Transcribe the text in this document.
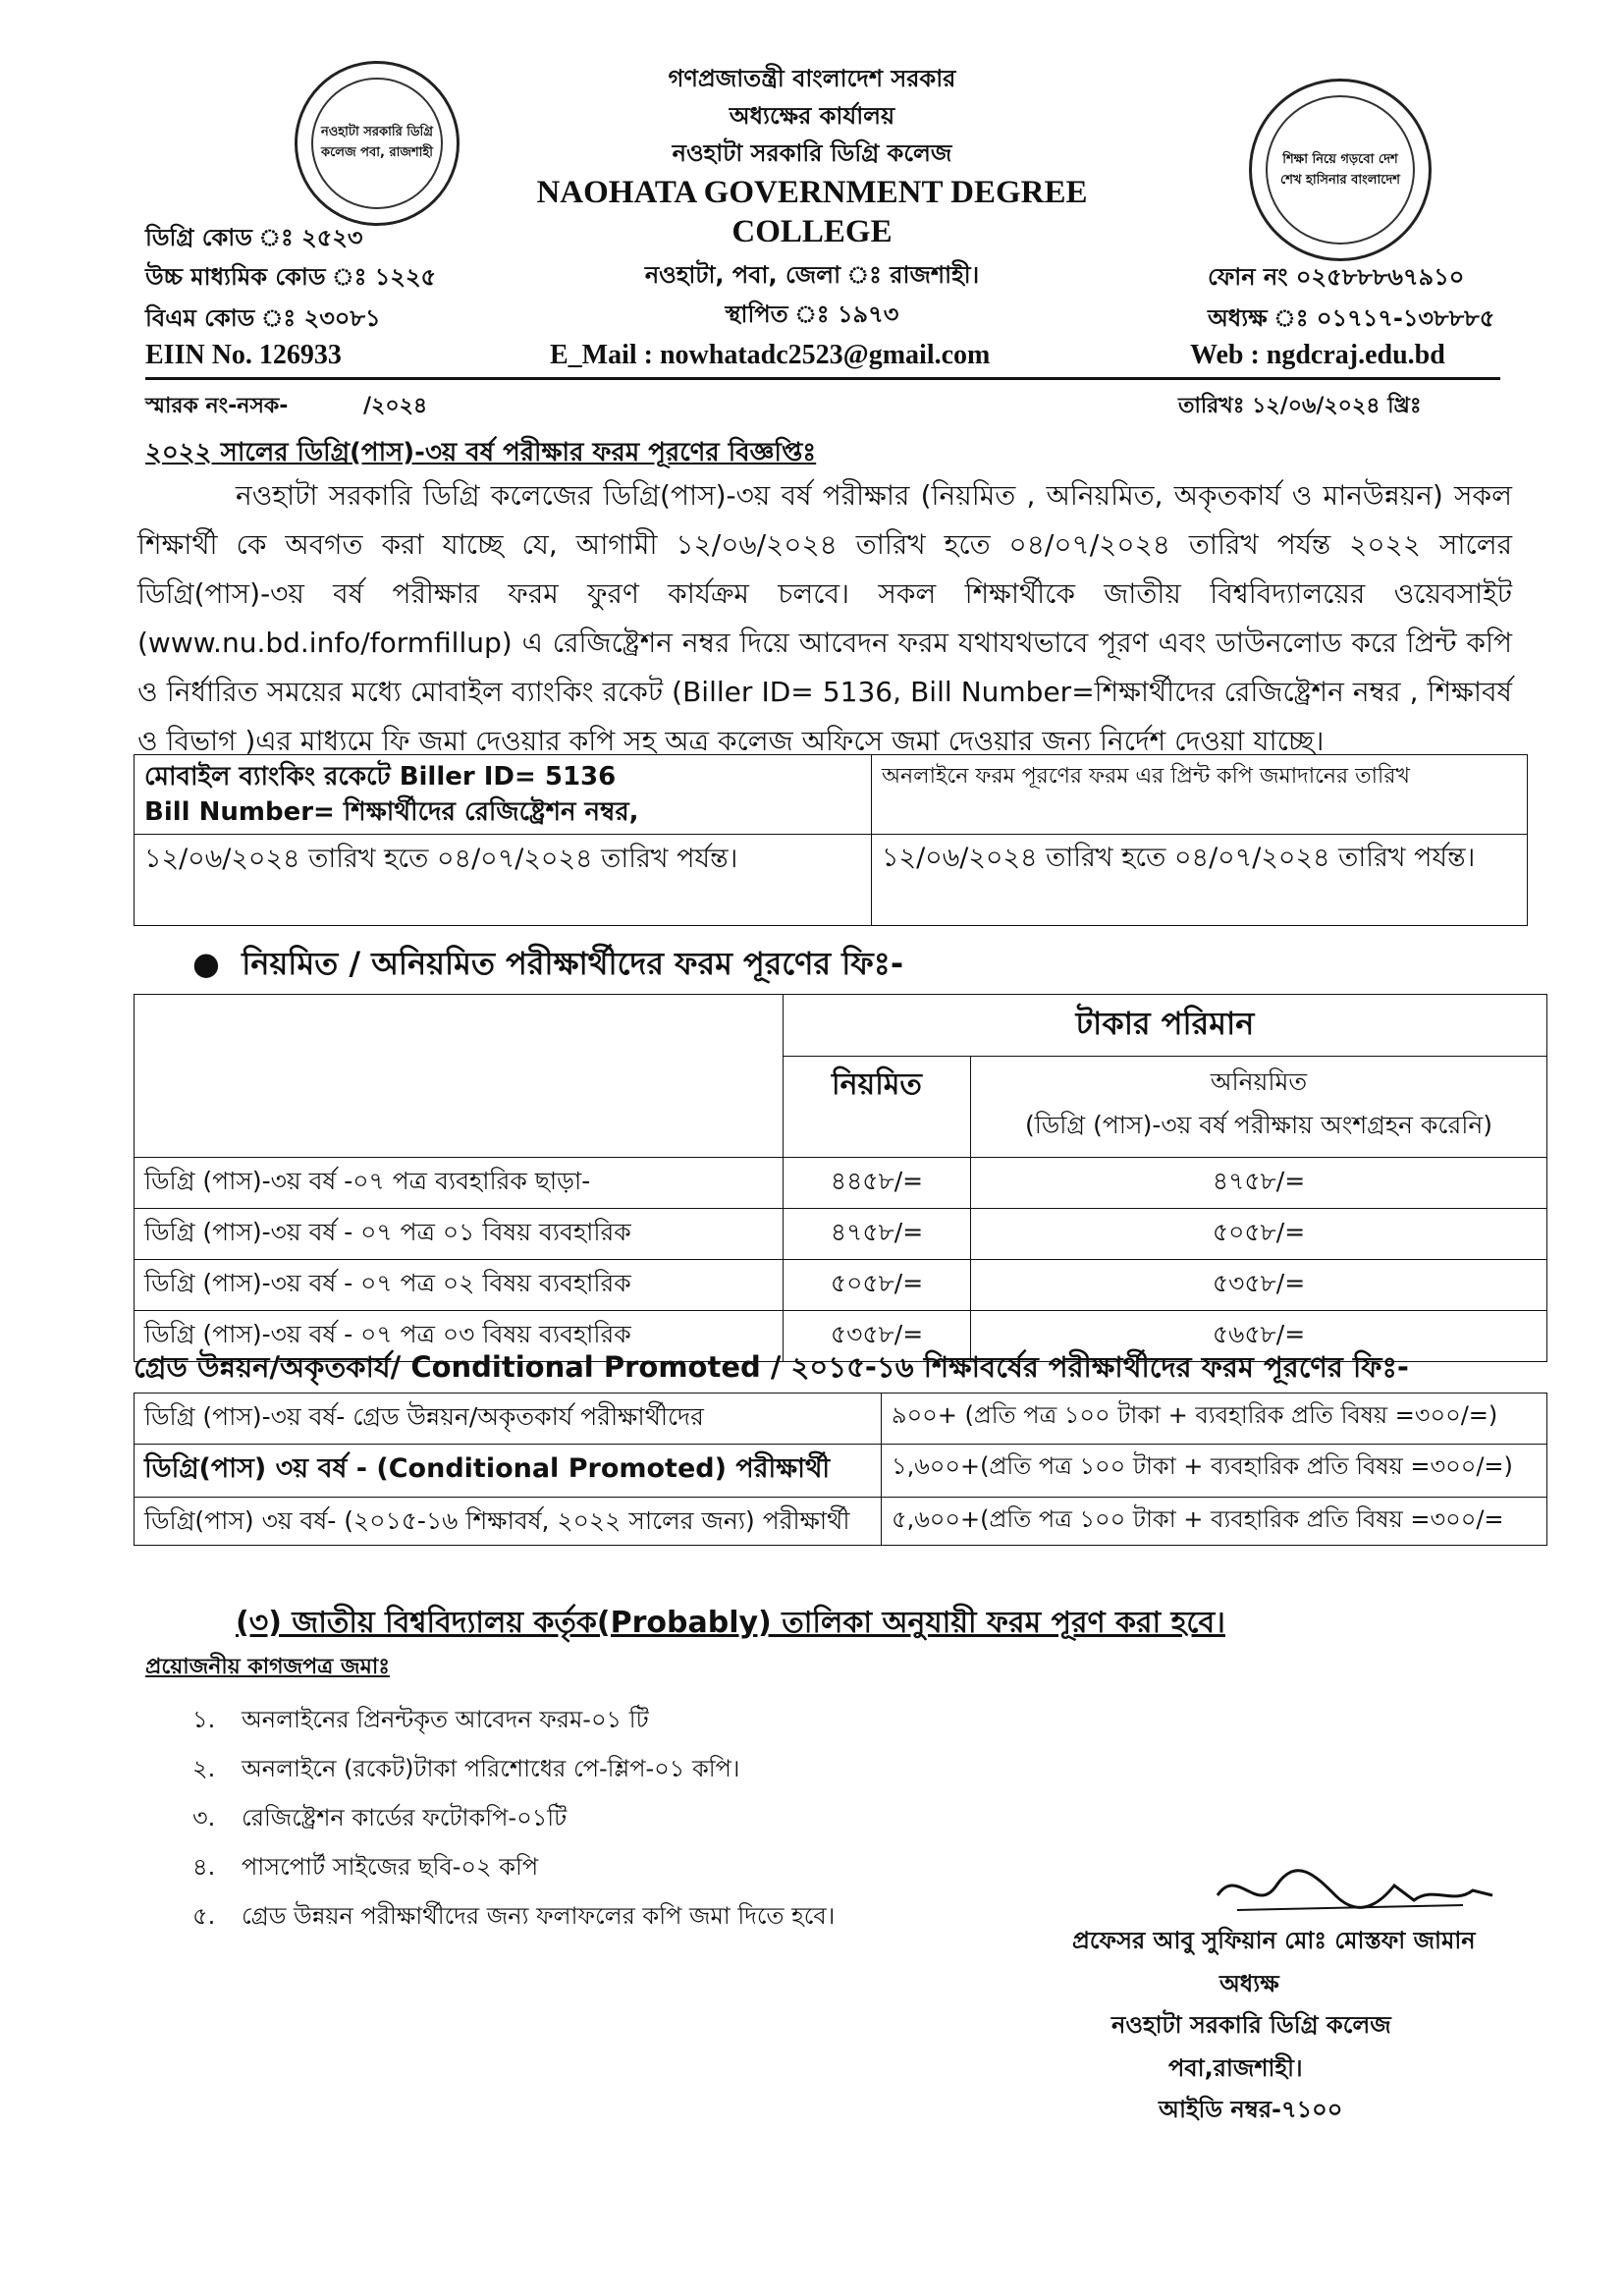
নওহাটা সরকারি ডিগ্রি কলেজ পবা, রাজশাহী	শিক্ষা নিয়ে গড়বো দেশ শেখ হাসিনার বাংলাদেশ
গণপ্রজাতন্ত্রী বাংলাদেশ সরকার
অধ্যক্ষের কার্যালয়
নওহাটা সরকারি ডিগ্রি কলেজ
NAOHATA GOVERNMENT DEGREE
COLLEGE
নওহাটা, পবা, জেলা ঃ রাজশাহী।
স্থাপিত ঃ ১৯৭৩
ডিগ্রি কোড ঃ ২৫২৩
উচ্চ মাধ্যমিক কোড ঃ ১২২৫
বিএম কোড ঃ ২৩০৮১
EIIN No. 126933
ফোন নং ০২৫৮৮৮৬৭৯১০
অধ্যক্ষ ঃ ০১৭১৭-১৩৮৮৮৫
Web : ngdcraj.edu.bd
E_Mail : nowhatadc2523@gmail.com
স্মারক নং-নসক-          /২০২৪	তারিখঃ ১২/০৬/২০২৪ খ্রিঃ
২০২২ সালের ডিগ্রি(পাস)-৩য় বর্ষ পরীক্ষার ফরম পূরণের বিজ্ঞপ্তিঃ
নওহাটা সরকারি ডিগ্রি কলেজের ডিগ্রি(পাস)-৩য় বর্ষ পরীক্ষার (নিয়মিত , অনিয়মিত, অকৃতকার্য ও মানউন্নয়ন) সকল শিক্ষার্থী কে অবগত করা যাচ্ছে যে, আগামী ১২/০৬/২০২৪ তারিখ হতে ০৪/০৭/২০২৪ তারিখ পর্যন্ত ২০২২ সালের ডিগ্রি(পাস)-৩য় বর্ষ পরীক্ষার ফরম ফুরণ কার্যক্রম চলবে। সকল শিক্ষার্থীকে জাতীয় বিশ্ববিদ্যালয়ের ওয়েবসাইট (www.nu.bd.info/formfillup) এ রেজিষ্ট্রেশন নম্বর দিয়ে আবেদন ফরম যথাযথভাবে পূরণ এবং ডাউনলোড করে প্রিন্ট কপি ও নির্ধারিত সময়ের মধ্যে মোবাইল ব্যাংকিং রকেট (Biller ID= 5136, Bill Number=শিক্ষার্থীদের রেজিষ্ট্রেশন নম্বর , শিক্ষাবর্ষ ও বিভাগ )এর মাধ্যমে ফি জমা দেওয়ার কপি সহ অত্র কলেজ অফিসে জমা দেওয়ার জন্য নির্দেশ দেওয়া যাচ্ছে।
মোবাইল ব্যাংকিং রকেটে Biller ID= 5136
Bill Number= শিক্ষার্থীদের রেজিষ্ট্রেশন নম্বর,	অনলাইনে ফরম পূরণের ফরম এর প্রিন্ট কপি জমাদানের তারিখ
১২/০৬/২০২৪ তারিখ হতে ০৪/০৭/২০২৪ তারিখ পর্যন্ত।	১২/০৬/২০২৪ তারিখ হতে ০৪/০৭/২০২৪ তারিখ পর্যন্ত।
●  নিয়মিত / অনিয়মিত পরীক্ষার্থীদের ফরম পূরণের ফিঃ-
	টাকার পরিমান	
	নিয়মিত	অনিয়মিত
(ডিগ্রি (পাস)-৩য় বর্ষ পরীক্ষায় অংশগ্রহন করেনি)

ডিগ্রি (পাস)-৩য় বর্ষ -০৭ পত্র ব্যবহারিক ছাড়া-	৪৪৫৮/=	৪৭৫৮/=
ডিগ্রি (পাস)-৩য় বর্ষ - ০৭ পত্র ০১ বিষয় ব্যবহারিক	৪৭৫৮/=	৫০৫৮/=
ডিগ্রি (পাস)-৩য় বর্ষ - ০৭ পত্র ০২ বিষয় ব্যবহারিক	৫০৫৮/=	৫৩৫৮/=
ডিগ্রি (পাস)-৩য় বর্ষ - ০৭ পত্র ০৩ বিষয় ব্যবহারিক	৫৩৫৮/=	৫৬৫৮/=
গ্রেড উন্নয়ন/অকৃতকার্য/ Conditional Promoted / ২০১৫-১৬ শিক্ষাবর্ষের পরীক্ষার্থীদের ফরম পূরণের ফিঃ-
ডিগ্রি (পাস)-৩য় বর্ষ- গ্রেড উন্নয়ন/অকৃতকার্য পরীক্ষার্থীদের	৯০০+ (প্রতি পত্র ১০০ টাকা + ব্যবহারিক প্রতি বিষয় =৩০০/=)
ডিগ্রি(পাস) ৩য় বর্ষ - (Conditional Promoted) পরীক্ষার্থী	১,৬০০+(প্রতি পত্র ১০০ টাকা + ব্যবহারিক প্রতি বিষয় =৩০০/=)
ডিগ্রি(পাস) ৩য় বর্ষ- (২০১৫-১৬ শিক্ষাবর্ষ, ২০২২ সালের জন্য) পরীক্ষার্থী	৫,৬০০+(প্রতি পত্র ১০০ টাকা + ব্যবহারিক প্রতি বিষয় =৩০০/=
(৩) জাতীয় বিশ্ববিদ্যালয় কর্তৃক(Probably) তালিকা অনুযায়ী ফরম পূরণ করা হবে।
প্রয়োজনীয় কাগজপত্র জমাঃ
১. অনলাইনের প্রিনন্টকৃত আবেদন ফরম-০১ টি
২. অনলাইনে (রকেট)টাকা পরিশোধের পে-শ্লিপ-০১ কপি।
৩. রেজিষ্ট্রেশন কার্ডের ফটোকপি-০১টি
৪. পাসপোর্ট সাইজের ছবি-০২ কপি
৫. গ্রেড উন্নয়ন পরীক্ষার্থীদের জন্য ফলাফলের কপি জমা দিতে হবে।
প্রফেসর আবু সুফিয়ান মোঃ মোস্তফা জামান
অধ্যক্ষ
নওহাটা সরকারি ডিগ্রি কলেজ
পবা,রাজশাহী।
আইডি নম্বর-৭১০০
